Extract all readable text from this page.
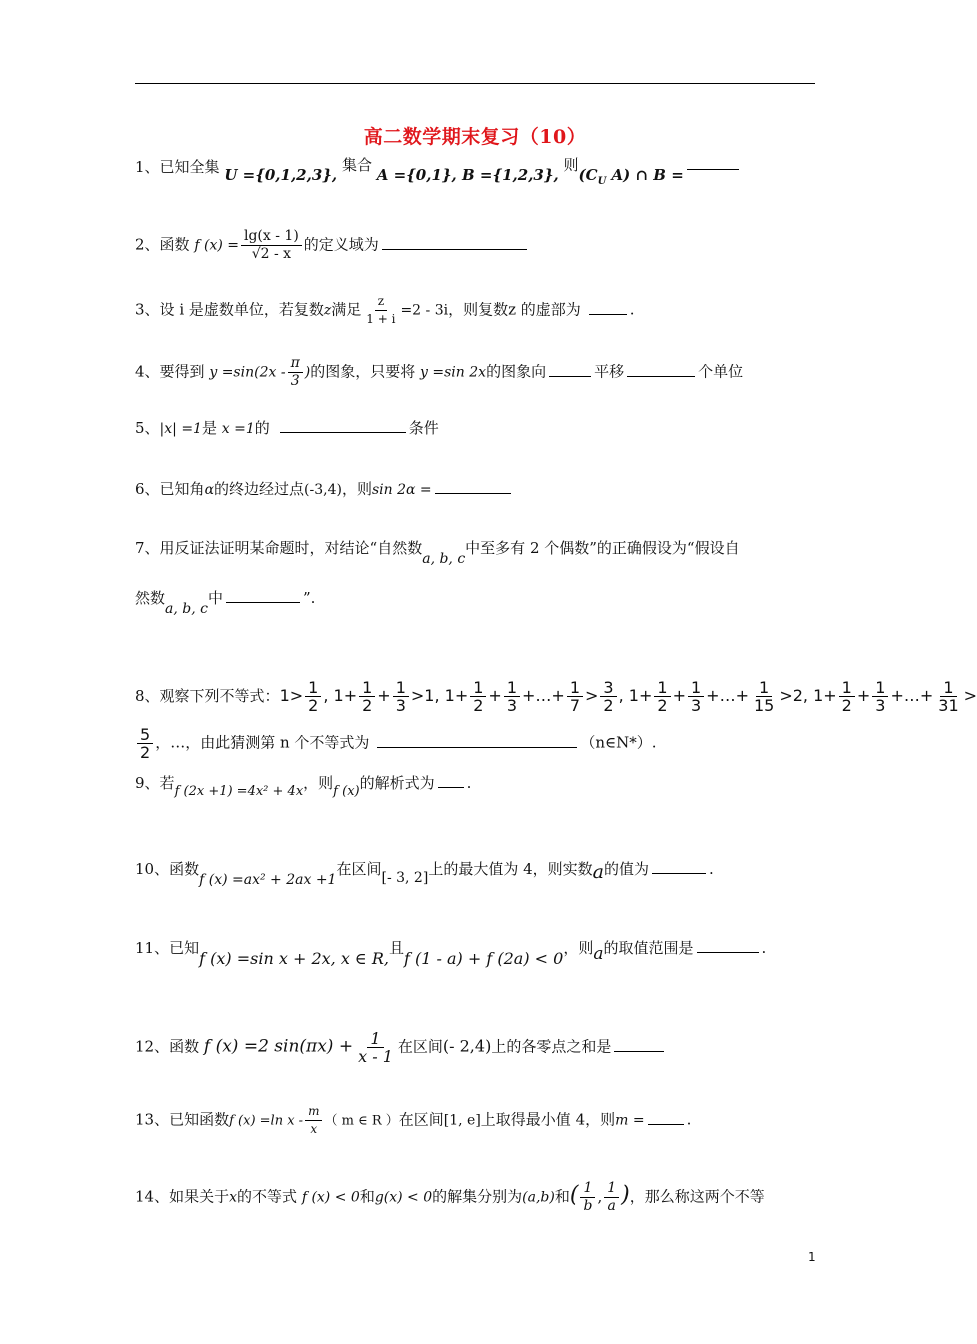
高二数学期末复习（10）
1、已知全集 U ={0,1,2,3}, 集合 A ={0,1}, B ={1,2,3}, 则($C_U$ A) ∩ B =
2、函数 f $(x) = \frac{\lg(x - 1)}{√2 - x}$ 的定义域为
3、设 i 是虚数单位，若复数z满足 $\frac{z}{1 + i} =2 - 3i$，则复数z 的虚部为	.
4、要得到 $y =\sin(2x - \frac{\pi}{3}$ )的图象，只要将 y =sin 2x的图象向	平移	个单位
5、|x| =1是 x =1的	条件
6、已知角α的终边经过点(-3,4)，则sin 2α =
7、用反证法证明某命题时，对结论“自然数a, b, c中至多有 2 个偶数”的正确假设为“假设自
然数a, b, c中	”.
8、观察下列不等式：$1> \frac{1}{2}$ , $1+ \frac{1}{2} + \frac{1}{3} >1$, $1+ \frac{1}{2} + \frac{1}{3}$ +…+ $\frac{1}{7} > \frac{3}{2}$ , $1+ \frac{1}{2} + \frac{1}{3}$ +…+ $\frac{1}{15} >2$, $1+ \frac{1}{2} + \frac{1}{3}$ +…+ $\frac{1}{31}$ >
$\frac{5}{2}$ ，…，由此猜测第 n 个不等式为	（n∈N*）.
9、若f (2x +1) =4x² + 4x，则f (x)的解析式为 .
10、函数f (x) =ax² + 2ax +1在区间[- 3, 2]上的最大值为 4，则实数a的值为	.
11、已知f (x) =sin x + 2x, x ∈ R,且f (1 - a) + f (2a) < 0，则a的取值范围是	.
12、函数 f (x) =2 $\sin(\pi x) + \frac{1}{x - 1}$ 在区间(- 2,4)上的各零点之和是
13、已知函数f (x) =ln x - $\frac{m}{x}$ （ m ∈ R ）在区间[1, e]上取得最小值 4，则m =	.
14、如果关于x的不等式 f (x) < 0和g(x) < 0的解集分别为(a,b)和( $\frac{1}{b}$ , $\frac{1}{a}$ )，那么称这两个不等
1
